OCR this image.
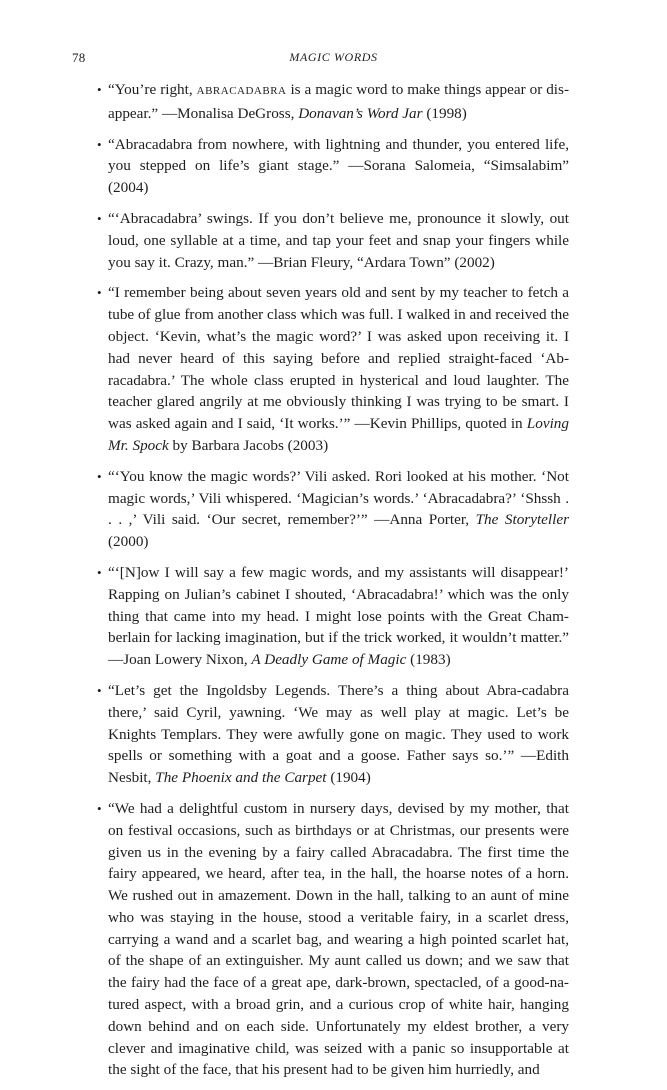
78	MAGIC WORDS
• “You’re right, ABRACADABRA is a magic word to make things appear or dis-appear.” —Monalisa DeGross, Donavan’s Word Jar (1998)
• “Abracadabra from nowhere, with lightning and thunder, you entered life, you stepped on life’s giant stage.” —Sorana Salomeia, “Simsalabim” (2004)
• “‘Abracadabra’ swings. If you don’t believe me, pronounce it slowly, out loud, one syllable at a time, and tap your feet and snap your fingers while you say it. Crazy, man.” —Brian Fleury, “Ardara Town” (2002)
• “I remember being about seven years old and sent by my teacher to fetch a tube of glue from another class which was full. I walked in and received the object. ‘Kevin, what’s the magic word?’ I was asked upon receiving it. I had never heard of this saying before and replied straight-faced ‘Ab-racadabra.’ The whole class erupted in hysterical and loud laughter. The teacher glared angrily at me obviously thinking I was trying to be smart. I was asked again and I said, ‘It works.’” —Kevin Phillips, quoted in Loving Mr. Spock by Barbara Jacobs (2003)
• “‘You know the magic words?’ Vili asked. Rori looked at his mother. ‘Not magic words,’ Vili whispered. ‘Magician’s words.’ ‘Abracadabra?’ ‘Shssh . . . ,’ Vili said. ‘Our secret, remember?’” —Anna Porter, The Storyteller (2000)
• “‘[N]ow I will say a few magic words, and my assistants will disappear!’ Rapping on Julian’s cabinet I shouted, ‘Abracadabra!’ which was the only thing that came into my head. I might lose points with the Great Cham-berlain for lacking imagination, but if the trick worked, it wouldn’t matter.” —Joan Lowery Nixon, A Deadly Game of Magic (1983)
• “Let’s get the Ingoldsby Legends. There’s a thing about Abra-cadabra there,’ said Cyril, yawning. ‘We may as well play at magic. Let’s be Knights Templars. They were awfully gone on magic. They used to work spells or something with a goat and a goose. Father says so.’” —Edith Nesbit, The Phoenix and the Carpet (1904)
• “We had a delightful custom in nursery days, devised by my mother, that on festival occasions, such as birthdays or at Christmas, our presents were given us in the evening by a fairy called Abracadabra. The first time the fairy appeared, we heard, after tea, in the hall, the hoarse notes of a horn. We rushed out in amazement. Down in the hall, talking to an aunt of mine who was staying in the house, stood a veritable fairy, in a scarlet dress, carrying a wand and a scarlet bag, and wearing a high pointed scarlet hat, of the shape of an extinguisher. My aunt called us down; and we saw that the fairy had the face of a great ape, dark-brown, spectacled, of a good-na-tured aspect, with a broad grin, and a curious crop of white hair, hanging down behind and on each side. Unfortunately my eldest brother, a very clever and imaginative child, was seized with a panic so insupportable at the sight of the face, that his present had to be given him hurriedly, and
